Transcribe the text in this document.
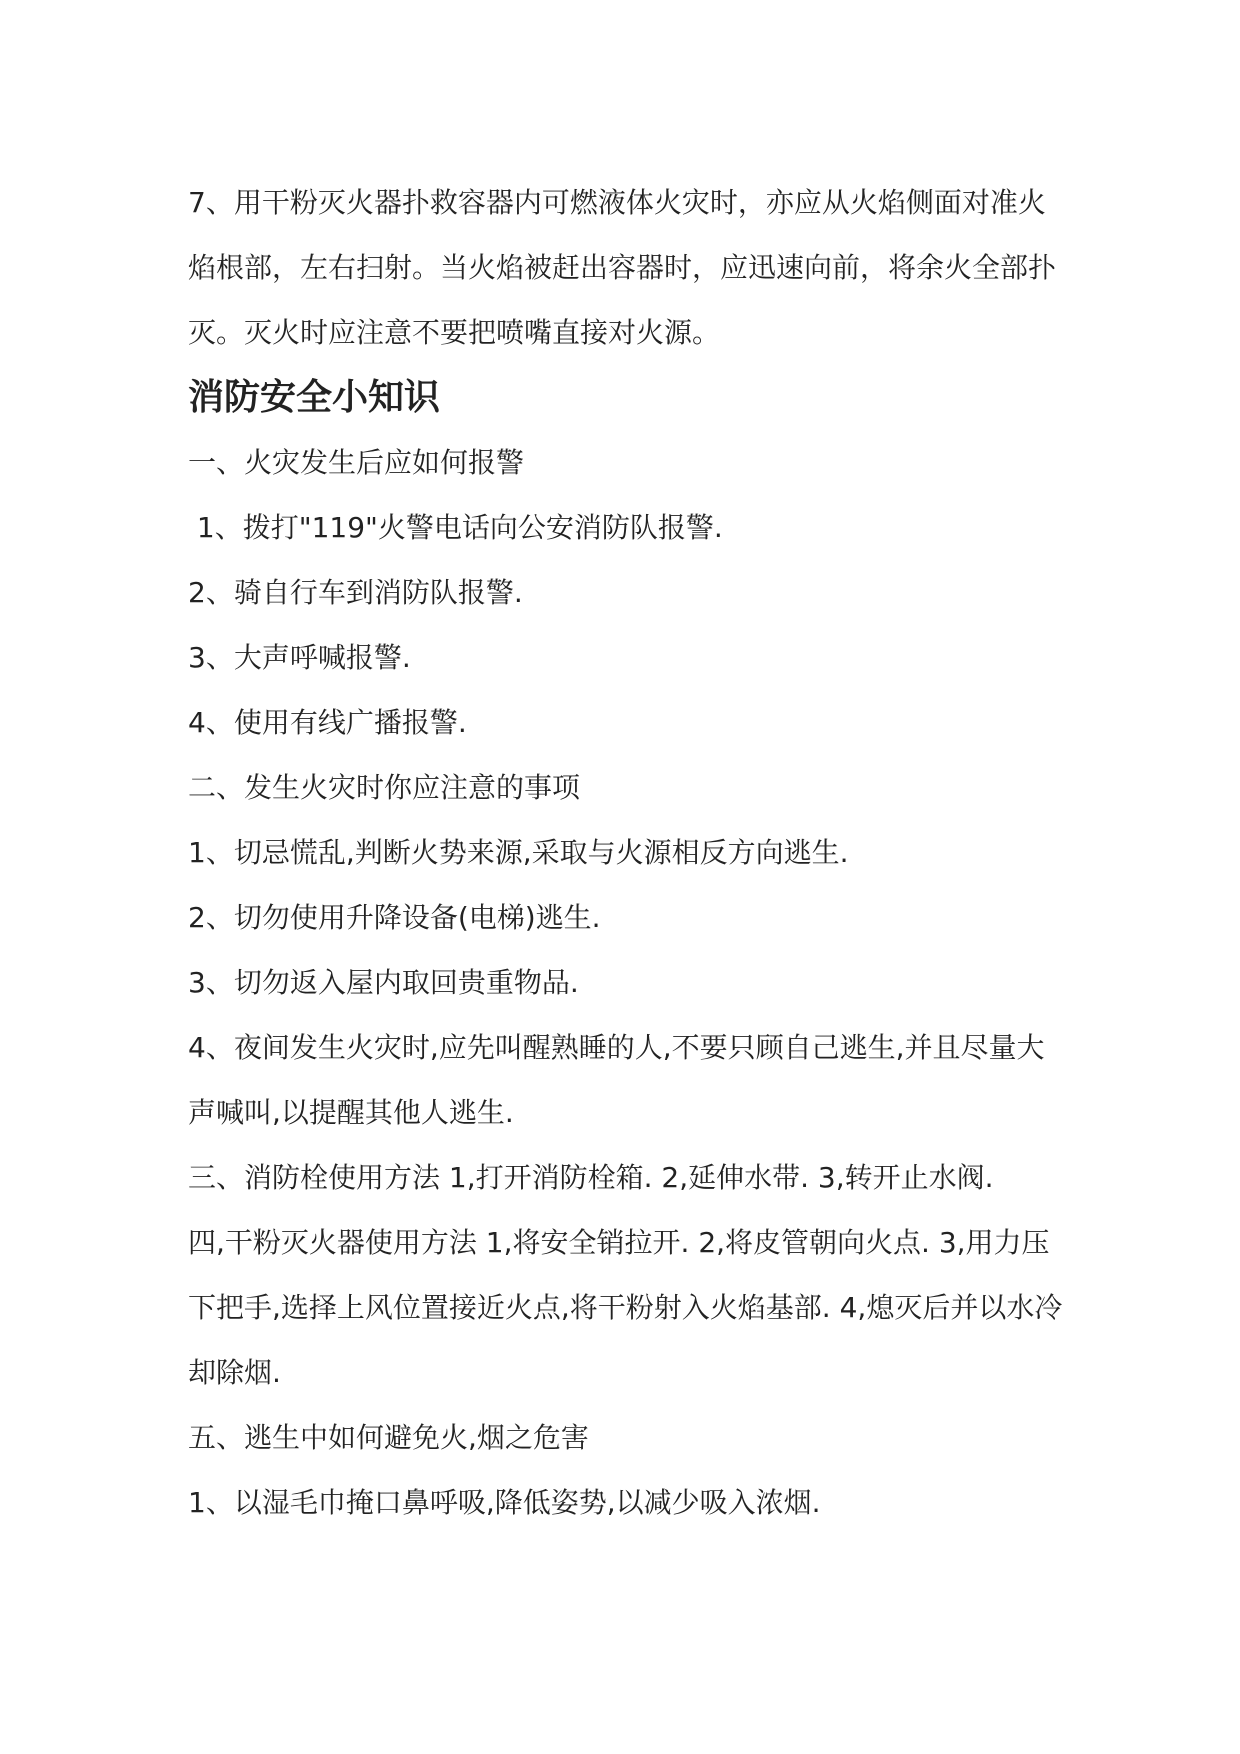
7、用干粉灭火器扑救容器内可燃液体火灾时，亦应从火焰侧面对准火焰根部，左右扫射。当火焰被赶出容器时，应迅速向前，将余火全部扑灭。灭火时应注意不要把喷嘴直接对火源。

消防安全小知识

一、火灾发生后应如何报警

1、拨打"119"火警电话向公安消防队报警.

2、骑自行车到消防队报警.

3、大声呼喊报警.

4、使用有线广播报警.

二、发生火灾时你应注意的事项

1、切忌慌乱,判断火势来源,采取与火源相反方向逃生.

2、切勿使用升降设备(电梯)逃生.

3、切勿返入屋内取回贵重物品.

4、夜间发生火灾时,应先叫醒熟睡的人,不要只顾自己逃生,并且尽量大声喊叫,以提醒其他人逃生.

三、消防栓使用方法 1,打开消防栓箱. 2,延伸水带. 3,转开止水阀.

四,干粉灭火器使用方法 1,将安全销拉开. 2,将皮管朝向火点. 3,用力压下把手,选择上风位置接近火点,将干粉射入火焰基部. 4,熄灭后并以水冷却除烟.

五、逃生中如何避免火,烟之危害

1、以湿毛巾掩口鼻呼吸,降低姿势,以减少吸入浓烟.
